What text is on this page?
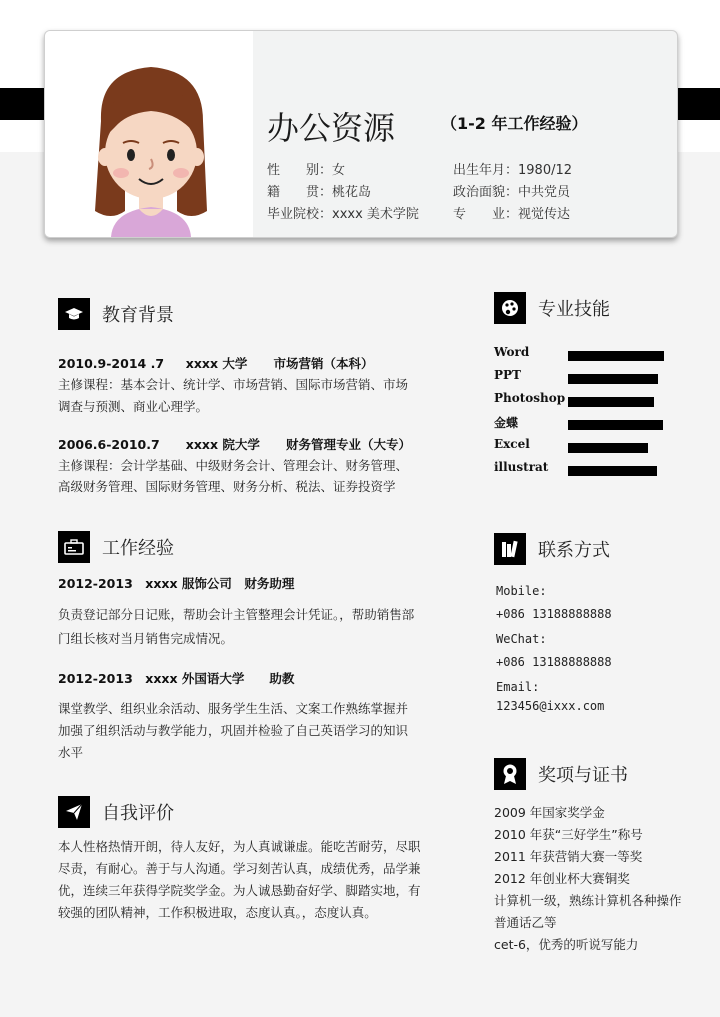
办公资源	（1-2 年工作经验）
性　　别：女	出生年月：1980/12
籍　　贯：桃花岛	政治面貌：中共党员
毕业院校：xxxx 美术学院	专　　业：视觉传达
教育背景
2010.9-2014 .7 xxxx 大学 市场营销（本科）
主修课程：基本会计、统计学、市场营销、国际市场营销、市场
调查与预测、商业心理学。
2006.6-2010.7 xxxx 院大学 财务管理专业（大专）
主修课程：会计学基础、中级财务会计、管理会计、财务管理、
高级财务管理、国际财务管理、财务分析、税法、证券投资学
工作经验
2012-2013　xxxx 服饰公司　财务助理
负责登记部分日记账，帮助会计主管整理会计凭证。，帮助销售部
门组长核对当月销售完成情况。
2012-2013　xxxx 外国语大学　　助教
课堂教学、组织业余活动、服务学生生活、文案工作熟练掌握并
加强了组织活动与教学能力，巩固并检验了自己英语学习的知识
水平
自我评价
本人性格热情开朗，待人友好，为人真诚谦虚。能吃苦耐劳，尽职
尽责，有耐心。善于与人沟通。学习刻苦认真，成绩优秀，品学兼
优，连续三年获得学院奖学金。为人诚恳勤奋好学、脚踏实地，有
较强的团队精神，工作积极进取，态度认真。，态度认真。
专业技能
Word
PPT
Photoshop
金蝶
Excel
illustrat
联系方式
Mobile:
+086 13188888888
WeChat:
+086 13188888888
Email:
123456@ixxx.com
奖项与证书
2009 年国家奖学金
2010 年获“三好学生”称号
2011 年获营销大赛一等奖
2012 年创业杯大赛铜奖
计算机一级，熟练计算机各种操作
普通话乙等
cet-6，优秀的听说写能力
